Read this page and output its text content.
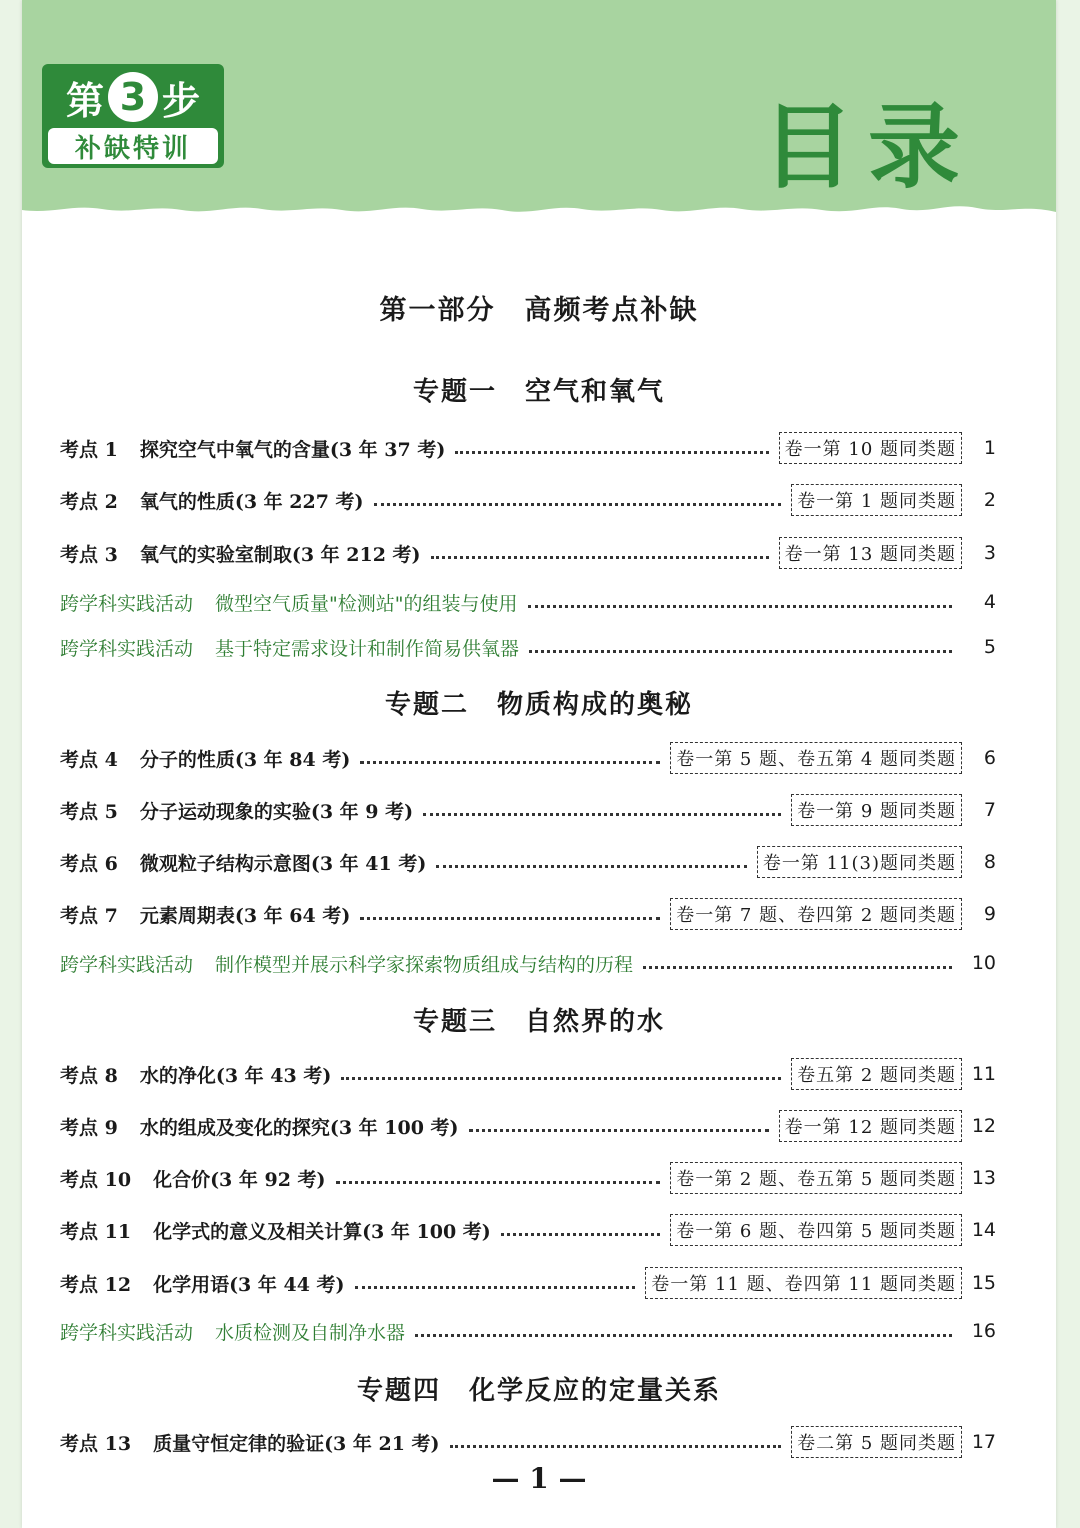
第 3 步
补缺特训	目录
第一部分　高频考点补缺
专题一　空气和氧气
考点 1 探究空气中氧气的含量(3 年 37 考)	卷一第 10 题同类题	1
考点 2 氧气的性质(3 年 227 考)	卷一第 1 题同类题	2
考点 3 氧气的实验室制取(3 年 212 考)	卷一第 13 题同类题	3
跨学科实践活动 微型空气质量"检测站"的组装与使用	4
跨学科实践活动 基于特定需求设计和制作简易供氧器	5
专题二　物质构成的奥秘
考点 4 分子的性质(3 年 84 考)	卷一第 5 题、卷五第 4 题同类题	6
考点 5 分子运动现象的实验(3 年 9 考)	卷一第 9 题同类题	7
考点 6 微观粒子结构示意图(3 年 41 考)	卷一第 11(3)题同类题	8
考点 7 元素周期表(3 年 64 考)	卷一第 7 题、卷四第 2 题同类题	9
跨学科实践活动 制作模型并展示科学家探索物质组成与结构的历程	10
专题三　自然界的水
考点 8 水的净化(3 年 43 考)	卷五第 2 题同类题 11
考点 9 水的组成及变化的探究(3 年 100 考)	卷一第 12 题同类题 12
考点 10 化合价(3 年 92 考)	卷一第 2 题、卷五第 5 题同类题 13
考点 11 化学式的意义及相关计算(3 年 100 考)	卷一第 6 题、卷四第 5 题同类题 14
考点 12 化学用语(3 年 44 考)	卷一第 11 题、卷四第 11 题同类题 15
跨学科实践活动 水质检测及自制净水器	16
专题四　化学反应的定量关系
考点 13 质量守恒定律的验证(3 年 21 考)	卷二第 5 题同类题 17
— 1 —
